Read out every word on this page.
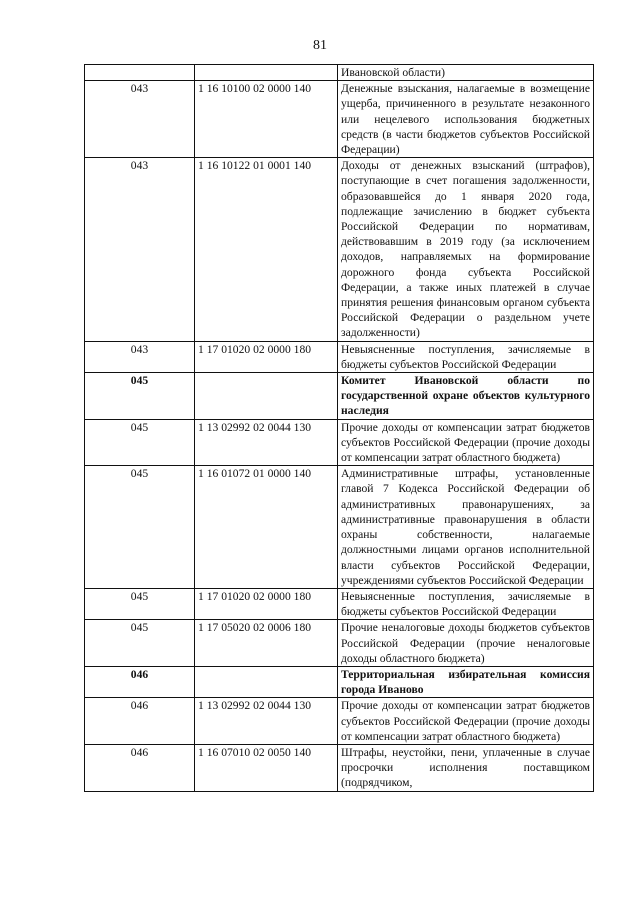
81
		Ивановской области)
043	1 16 10100 02 0000 140	Денежные взыскания, налагаемые в возмещение ущерба, причиненного в результате незаконного или нецелевого использования бюджетных средств (в части бюджетов субъектов Российской Федерации)
043	1 16 10122 01 0001 140	Доходы от денежных взысканий (штрафов), поступающие в счет погашения задолженности, образовавшейся до 1 января 2020 года, подлежащие зачислению в бюджет субъекта Российской Федерации по нормативам, действовавшим в 2019 году (за исключением доходов, направляемых на формирование дорожного фонда субъекта Российской Федерации, а также иных платежей в случае принятия решения финансовым органом субъекта Российской Федерации о раздельном учете задолженности)
043	1 17 01020 02 0000 180	Невыясненные поступления, зачисляемые в бюджеты субъектов Российской Федерации
045		Комитет Ивановской области по государственной охране объектов культурного наследия
045	1 13 02992 02 0044 130	Прочие доходы от компенсации затрат бюджетов субъектов Российской Федерации (прочие доходы от компенсации затрат областного бюджета)
045	1 16 01072 01 0000 140	Административные штрафы, установленные главой 7 Кодекса Российской Федерации об административных правонарушениях, за административные правонарушения в области охраны собственности, налагаемые должностными лицами органов исполнительной власти субъектов Российской Федерации, учреждениями субъектов Российской Федерации
045	1 17 01020 02 0000 180	Невыясненные поступления, зачисляемые в бюджеты субъектов Российской Федерации
045	1 17 05020 02 0006 180	Прочие неналоговые доходы бюджетов субъектов Российской Федерации (прочие неналоговые доходы областного бюджета)
046		Территориальная избирательная комиссия города Иваново
046	1 13 02992 02 0044 130	Прочие доходы от компенсации затрат бюджетов субъектов Российской Федерации (прочие доходы от компенсации затрат областного бюджета)
046	1 16 07010 02 0050 140	Штрафы, неустойки, пени, уплаченные в случае просрочки исполнения поставщиком (подрядчиком,
